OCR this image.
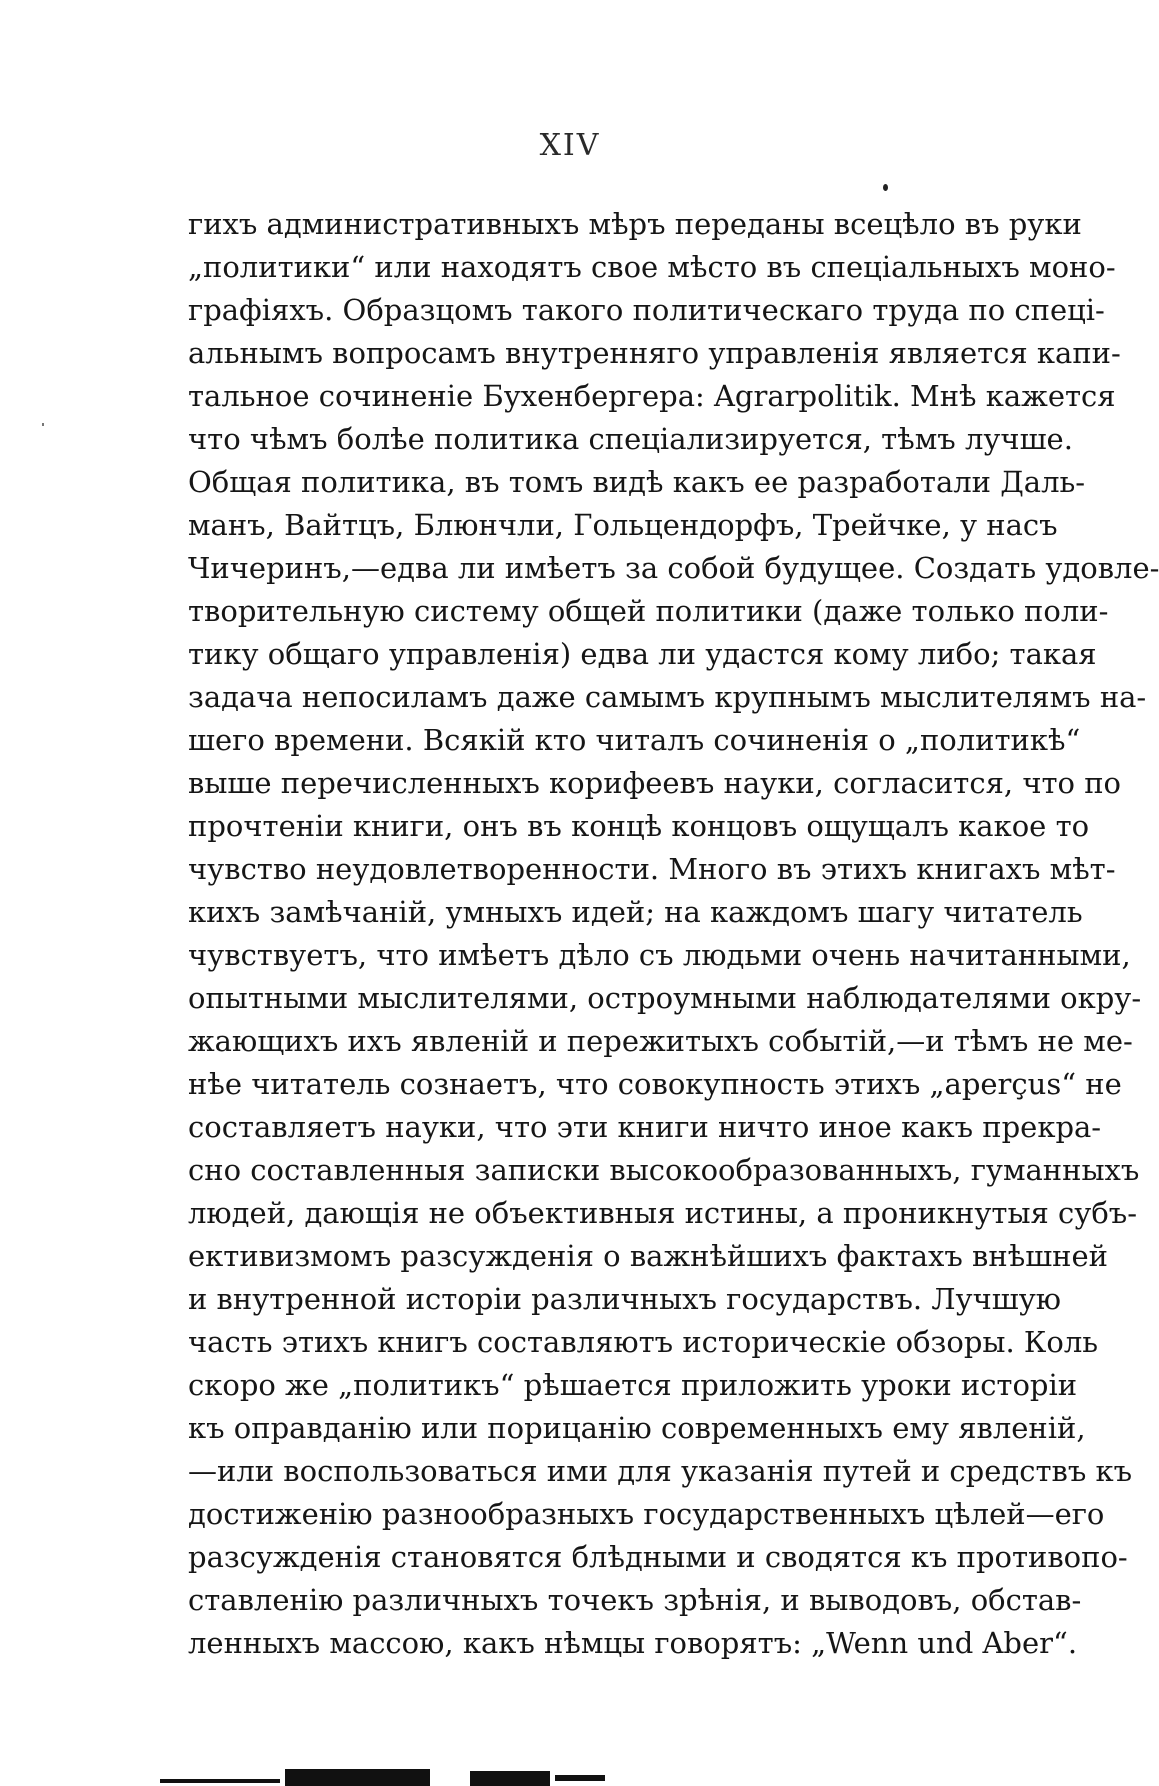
XIV
гихъ административныхъ мѣръ переданы всецѣло въ руки
„политики“ или находятъ свое мѣсто въ спеціальныхъ моно-
графіяхъ. Образцомъ такого политическаго труда по спеці-
альнымъ вопросамъ внутренняго управленія является капи-
тальное сочиненіе Бухенбергера: Agrarpolitik. Мнѣ кажется
что чѣмъ болѣе политика спеціализируется, тѣмъ лучше.
Общая политика, въ томъ видѣ какъ ее разработали Даль-
манъ, Вайтцъ, Блюнчли, Гольцендорфъ, Трейчке, у насъ
Чичеринъ,—едва ли имѣетъ за собой будущее. Создать удовле-
творительную систему общей политики (даже только поли-
тику общаго управленія) едва ли удастся кому либо; такая
задача непосиламъ даже самымъ крупнымъ мыслителямъ на-
шего времени. Всякій кто читалъ сочиненія о „политикѣ“
выше перечисленныхъ корифеевъ науки, согласится, что по
прочтеніи книги, онъ въ концѣ концовъ ощущалъ какое то
чувство неудовлетворенности. Много въ этихъ книгахъ мѣт-
кихъ замѣчаній, умныхъ идей; на каждомъ шагу читатель
чувствуетъ, что имѣетъ дѣло съ людьми очень начитанными,
опытными мыслителями, остроумными наблюдателями окру-
жающихъ ихъ явленій и пережитыхъ событій,—и тѣмъ не ме-
нѣе читатель сознаетъ, что совокупность этихъ „aperçus“ не
составляетъ науки, что эти книги ничто иное какъ прекра-
сно составленныя записки высокообразованныхъ, гуманныхъ
людей, дающія не объективныя истины, а проникнутыя субъ-
ективизмомъ разсужденія о важнѣйшихъ фактахъ внѣшней
и внутренной исторіи различныхъ государствъ. Лучшую
часть этихъ книгъ составляютъ историческіе обзоры. Коль
скоро же „политикъ“ рѣшается приложить уроки исторіи
къ оправданію или порицанію современныхъ ему явленій,
—или воспользоваться ими для указанія путей и средствъ къ
достиженію разнообразныхъ государственныхъ цѣлей—его
разсужденія становятся блѣдными и сводятся къ противопо-
ставленію различныхъ точекъ зрѣнія, и выводовъ, обстав-
ленныхъ массою, какъ нѣмцы говорятъ: „Wenn und Aber“.
